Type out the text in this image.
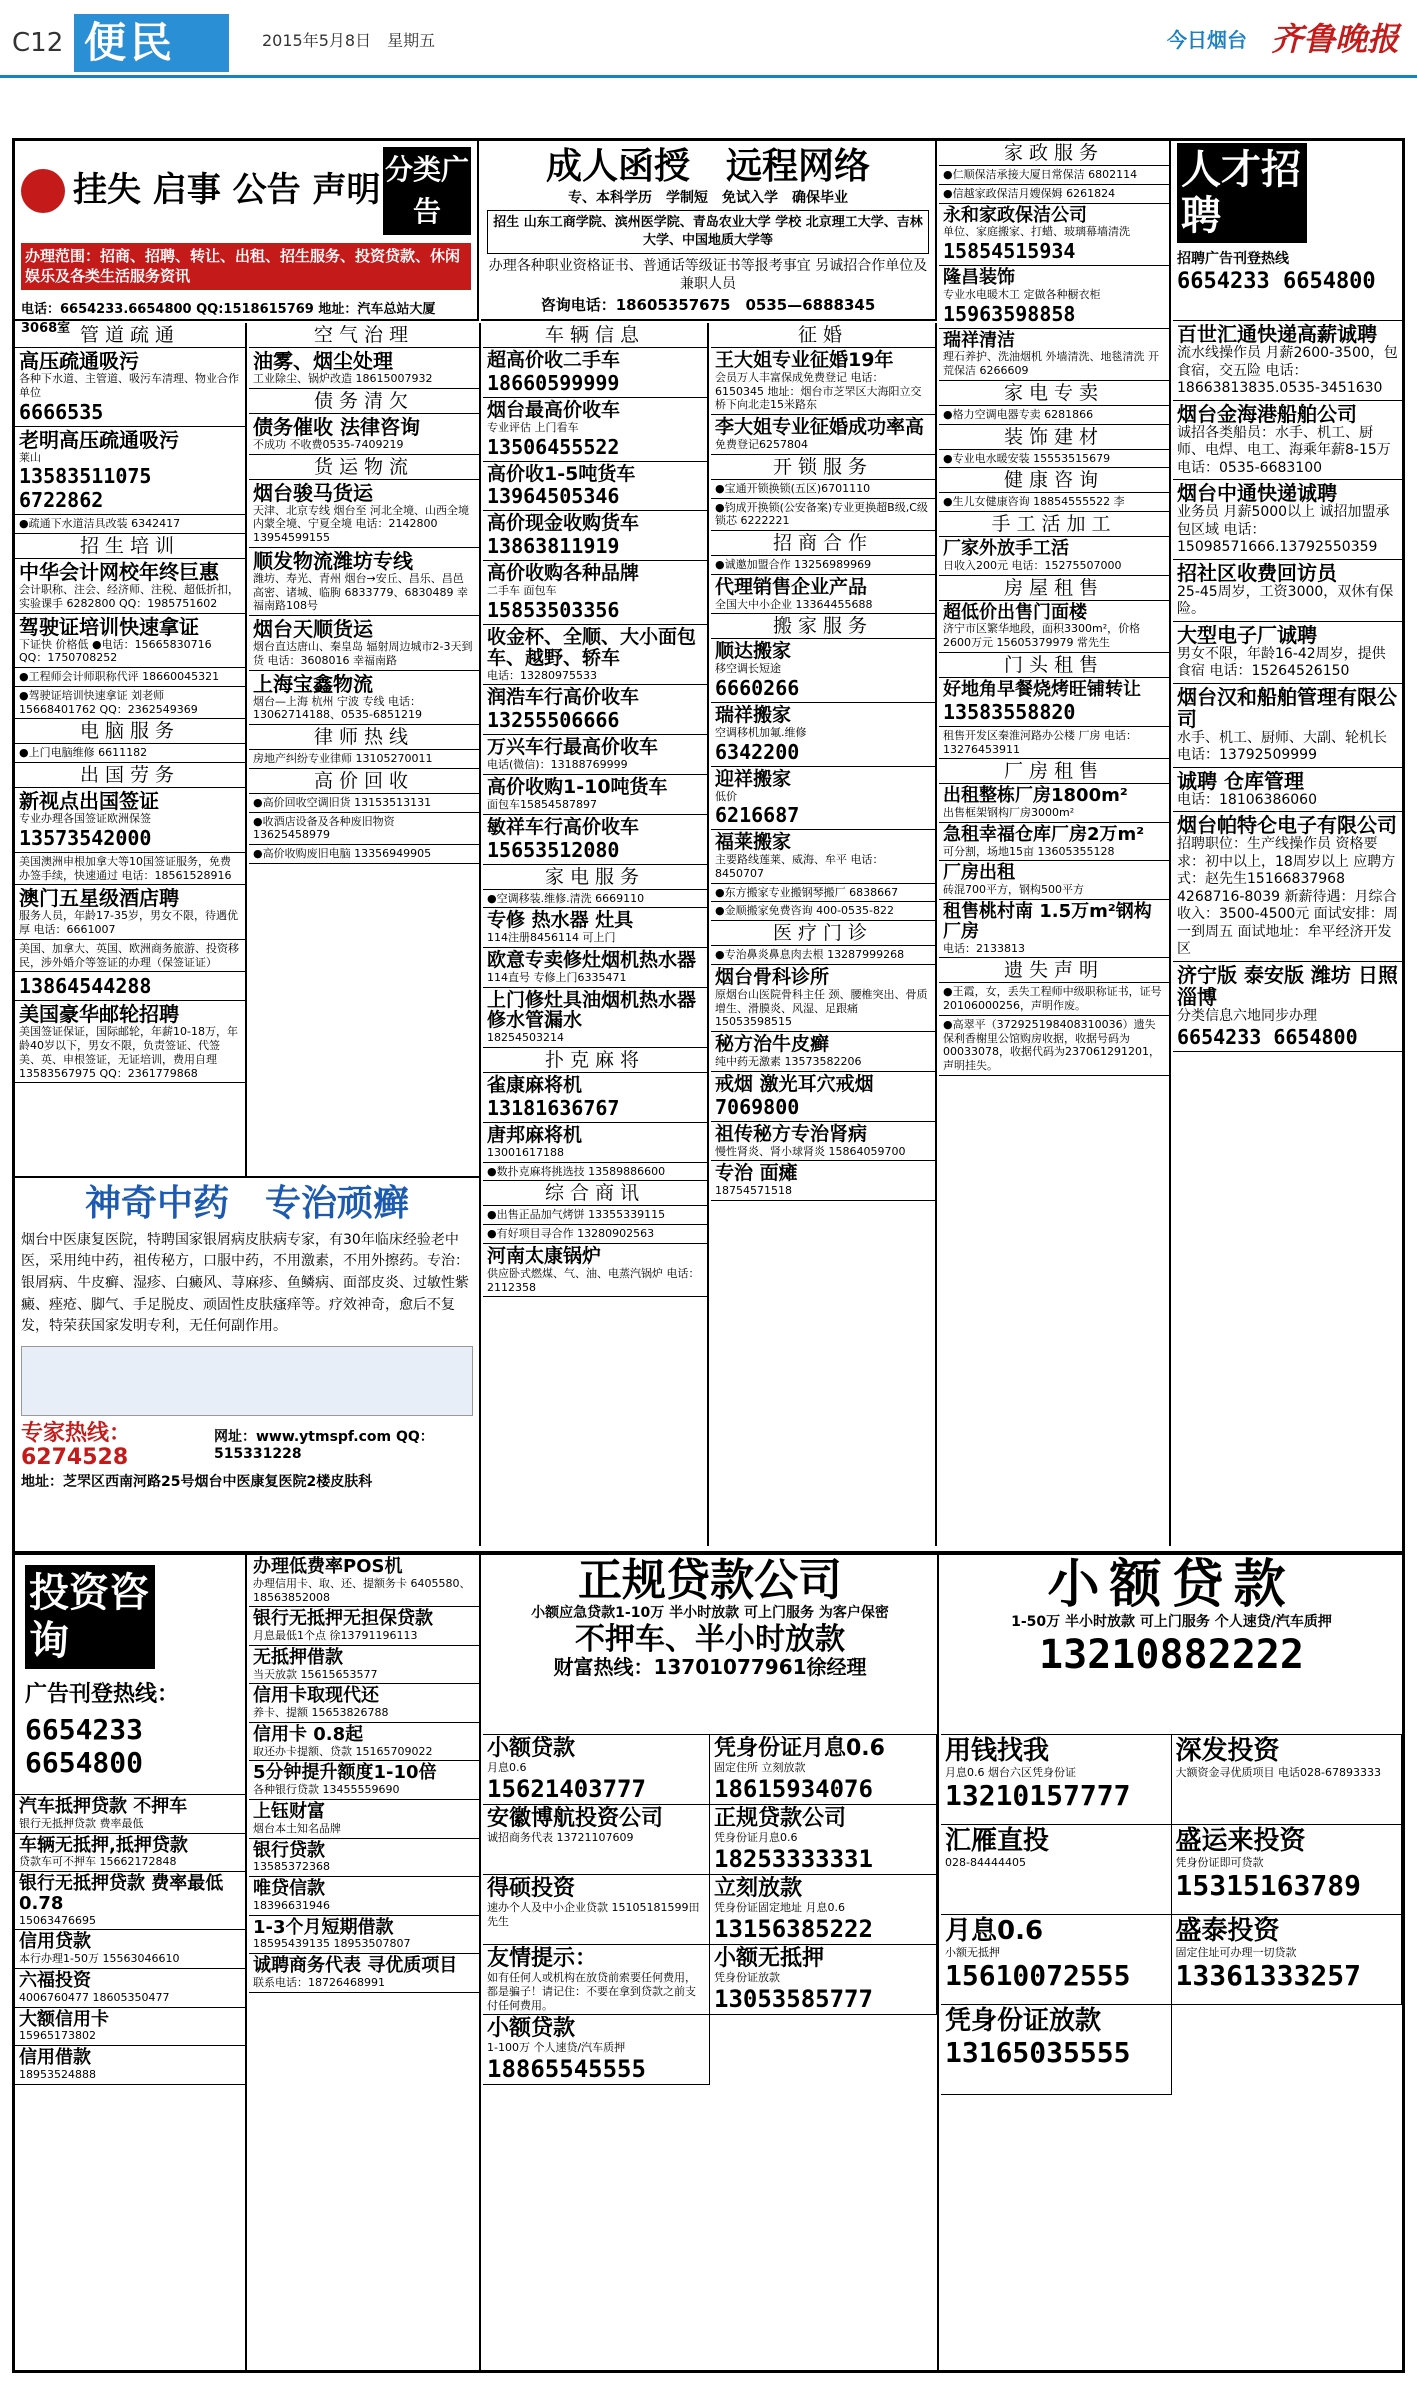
C12 便民	2015年5月8日　星期五	今日烟台 齐鲁晚报
挂失 启事 公告 声明
分类广告
办理范围：招商、招聘、转让、出租、招生服务、投资贷款、休闲娱乐及各类生活服务资讯
电话：6654233.6654800 QQ:1518615769 地址：汽车总站大厦3068室
成人函授　远程网络
专、本科学历　学制短　免试入学　确保毕业
招生 山东工商学院、滨州医学院、青岛农业大学 学校 北京理工大学、吉林大学、中国地质大学等
办理各种职业资格证书、普通话等级证书等报考事宜 另诚招合作单位及兼职人员
咨询电话：18605357675　0535—6888345
管道疏通
高压疏通吸污
各种下水道、主管道、吸污车清理、物业合作单位
6666535
老明高压疏通吸污
莱山
13583511075 6722862
●疏通下水道洁具改装 6342417
招生培训
中华会计网校年终巨惠
会计职称、注会、经济师、注税、超低折扣，实验课手 6282800 QQ：1985751602
驾驶证培训快速拿证
下证快 价格低 ●电话：15665830716 QQ：1750708252
●工程师会计师职称代评 18660045321
●驾驶证培训快速拿证 刘老师 15668401762 QQ：2362549369
电脑服务
●上门电脑维修 6611182
出国劳务
新视点出国签证
专业办理各国签证欧洲保签
13573542000
美国澳洲申根加拿大等10国签证服务，免费办签手续，快速通过 电话：18561528916
澳门五星级酒店聘
服务人员，年龄17-35岁，男女不限，待遇优厚 电话：6661007
美国、加拿大、英国、欧洲商务旅游、投资移民，涉外婚介等签证的办理（保签证证）
13864544288
美国豪华邮轮招聘
美国签证保证，国际邮轮，年薪10-18万，年龄40岁以下，男女不限，负责签证、代签美、英、申根签证，无证培训，费用自理 13583567975 QQ：2361779868
空气治理
油雾、烟尘处理
工业除尘、锅炉改造 18615007932
债务清欠
债务催收 法律咨询
不成功 不收费0535-7409219
货运物流
烟台骏马货运
天津、北京专线 烟台至 河北全境、山西全境 内蒙全境、宁夏全境 电话：2142800 13954599155
顺发物流潍坊专线
潍坊、寿光、青州 烟台→安丘、昌乐、昌邑 高密、诸城、临朐 6833779、6830489 幸福南路108号
烟台天顺货运
烟台直达唐山、秦皇岛 辐射周边城市2-3天到货 电话：3608016 幸福南路
上海宝鑫物流
烟台—上海 杭州 宁波 专线 电话：13062714188、0535-6851219
律师热线
房地产纠纷专业律师 13105270011
高价回收
●高价回收空调旧货 13153513131
●收酒店设备及各种废旧物资 13625458979
●高价收购废旧电脑 13356949905
车辆信息
超高价收二手车
18660599999
烟台最高价收车
专业评估 上门看车
13506455522
高价收1-5吨货车
13964505346
高价现金收购货车
13863811919
高价收购各种品牌
二手车 面包车
15853503356
收金杯、全顺、大小面包车、越野、轿车
电话：13280975533
润浩车行高价收车
13255506666
万兴车行最高价收车
电话(微信)：13188769999
高价收购1-10吨货车
面包车15854587897
敏祥车行高价收车
15653512080
家电服务
●空调移装.维修.清洗 6669110
专修 热水器 灶具
114注册8456114 可上门
欧意专卖修灶烟机热水器
114直号 专修上门6335471
上门修灶具油烟机热水器修水管漏水
18254503214
扑克麻将
雀康麻将机
13181636767
唐邦麻将机
13001617188
●数扑克麻将挑选技 13589886600
综合商讯
●出售正品加气烤饼 13355339115
●有好项目寻合作 13280902563
河南太康锅炉
供应卧式燃煤、气、油、电蒸汽锅炉 电话：2112358
征婚
王大姐专业征婚19年
会员万人丰富保成免费登记 电话：6150345 地址：烟台市芝罘区大海阳立交桥下向北走15米路东
李大姐专业征婚成功率高
免费登记6257804
开锁服务
●宝通开锁换锁(五区)6701110
●钧成开换锁(公安备案)专业更换超B级,C级锁芯 6222221
招商合作
●诚邀加盟合作 13256989969
代理销售企业产品
全国大中小企业 13364455688
搬家服务
顺达搬家
移空调长短途
6660266
瑞祥搬家
空调移机加氟.维修
6342200
迎祥搬家
低价
6216687
福莱搬家
主要路线莲莱、威海、牟平 电话：8450707
●东方搬家专业搬钢琴搬厂 6838667
●金顺搬家免费咨询 400-0535-822
医疗门诊
●专治鼻炎鼻息肉去根 13287999268
烟台骨科诊所
原烟台山医院骨科主任 颈、腰椎突出、骨质增生、滑膜炎、风湿、足跟痛 15053598515
秘方治牛皮癣
纯中药无激素 13573582206
戒烟 激光耳穴戒烟
7069800
祖传秘方专治肾病
慢性肾炎、肾小球肾炎 15864059700
专治 面瘫
18754571518
家政服务
●仁顺保洁承接大厦日常保洁 6802114
●信越家政保洁月嫂保姆 6261824
永和家政保洁公司
单位、家庭搬家、打蜡、玻璃幕墙清洗
15854515934
隆昌装饰
专业水电暖木工 定做各种橱衣柜
15963598858
瑞祥清洁
理石养护、洗油烟机 外墙清洗、地毯清洗 开荒保洁 6266609
家电专卖
●格力空调电器专卖 6281866
装饰建材
●专业电水暖安装 15553515679
健康咨询
●生儿女健康咨询 18854555522 李
手工活加工
厂家外放手工活
日收入200元 电话：15275507000
房屋租售
超低价出售门面楼
济宁市区繁华地段，面积3300m²，价格2600万元 15605379979 常先生
门头租售
好地角早餐烧烤旺铺转让
13583558820
租售开发区秦淮河路办公楼 厂房 电话：13276453911
厂房租售
出租整栋厂房1800m²
出售框架钢构厂房3000m²
急租幸福仓库厂房2万m²
可分割，场地15亩 13605355128
厂房出租
砖混700平方，钢构500平方
租售桃村南 1.5万m²钢构厂房
电话：2133813
遗失声明
●王霞，女，丢失工程师中级职称证书，证号20106000256，声明作废。
●高翠平（372925198408310036）遗失保利香榭里公馆购房收据，收据号码为00033078，收据代码为237061291201，声明挂失。
人才招聘
招聘广告刊登热线
6654233 6654800
百世汇通快递高薪诚聘
流水线操作员 月薪2600-3500，包食宿，交五险 电话：18663813835.0535-3451630
烟台金海港船舶公司
诚招各类船员：水手、机工、厨师、电焊、电工、海乘年薪8-15万 电话：0535-6683100
烟台中通快递诚聘
业务员 月薪5000以上 诚招加盟承包区域 电话：15098571666.13792550359
招社区收费回访员
25-45周岁，工资3000，双休有保险。
大型电子厂诚聘
男女不限，年龄16-42周岁，提供食宿 电话：15264526150
烟台汉和船舶管理有限公司
水手、机工、厨师、大副、轮机长 电话：13792509999
诚聘 仓库管理
电话：18106386060
烟台帕特仑电子有限公司
招聘职位：生产线操作员 资格要求：初中以上，18周岁以上 应聘方式：赵先生15166837968 4268716-8039 新薪待遇：月综合收入：3500-4500元 面试安排：周一到周五 面试地址：牟平经济开发区
济宁版 泰安版 潍坊 日照 淄博
分类信息六地同步办理
6654233 6654800
神奇中药　专治顽癣
烟台中医康复医院，特聘国家银屑病皮肤病专家，有30年临床经验老中医，采用纯中药，祖传秘方，口服中药，不用激素，不用外擦药。专治：银屑病、牛皮癣、湿疹、白癜风、荨麻疹、鱼鳞病、面部皮炎、过敏性紫癜、痤疮、脚气、手足脱皮、顽固性皮肤瘙痒等。疗效神奇，愈后不复发，特荣获国家发明专利，无任何副作用。
专家热线：6274528
网址：www.ytmspf.com QQ：515331228
地址：芝罘区西南河路25号烟台中医康复医院2楼皮肤科
投资咨询
广告刊登热线：
6654233 6654800
汽车抵押贷款 不押车
银行无抵押贷款 费率最低
车辆无抵押,抵押贷款
贷款车可不押车 15662172848
银行无抵押贷款 费率最低0.78
15063476695
信用贷款
本行办理1-50万 15563046610
六福投资
4006760477 18605350477
大额信用卡
15965173802
信用借款
18953524888
办理低费率POS机
办理信用卡、取、还、提额务卡 6405580、18563852008
银行无抵押无担保贷款
月息最低1个点 徐13791196113
无抵押借款
当天放款 15615653577
信用卡取现代还
养卡、提额 15653826788
信用卡 0.8起
取还办卡提额、贷款 15165709022
5分钟提升额度1-10倍
各种银行贷款 13455559690
上钰财富
烟台本土知名品牌
银行贷款
13585372368
唯贷信款
18396631946
1-3个月短期借款
18595439135 18953507807
诚聘商务代表 寻优质项目
联系电话：18726468991
正规贷款公司
小额应急贷款1-10万 半小时放款 可上门服务 为客户保密
不押车、半小时放款
财富热线：13701077961徐经理
小额贷款
月息0.6
15621403777
凭身份证月息0.6
固定住所 立刻放款
18615934076
安徽博航投资公司
诚招商务代表 13721107609
正规贷款公司
凭身份证月息0.6
18253333331
得硕投资
速办个人及中小企业贷款 15105181599田先生
立刻放款
凭身份证固定地址 月息0.6
13156385222
友情提示：
如有任何人或机构在放贷前索要任何费用，都是骗子！请记住：不要在拿到贷款之前支付任何费用。
小额无抵押
凭身份证放款
13053585777
小额贷款
1-100万 个人速贷/汽车质押
18865545555
小额贷款
1-50万 半小时放款 可上门服务 个人速贷/汽车质押
13210882222
用钱找我
月息0.6 烟台六区凭身份证
13210157777
深发投资
大额资金寻优质项目 电话028-67893333
汇雁直投
028-84444405
盛运来投资
凭身份证即可贷款
15315163789
月息0.6
小额无抵押
15610072555
盛泰投资
固定住址可办理一切贷款
13361333257
凭身份证放款
13165035555
